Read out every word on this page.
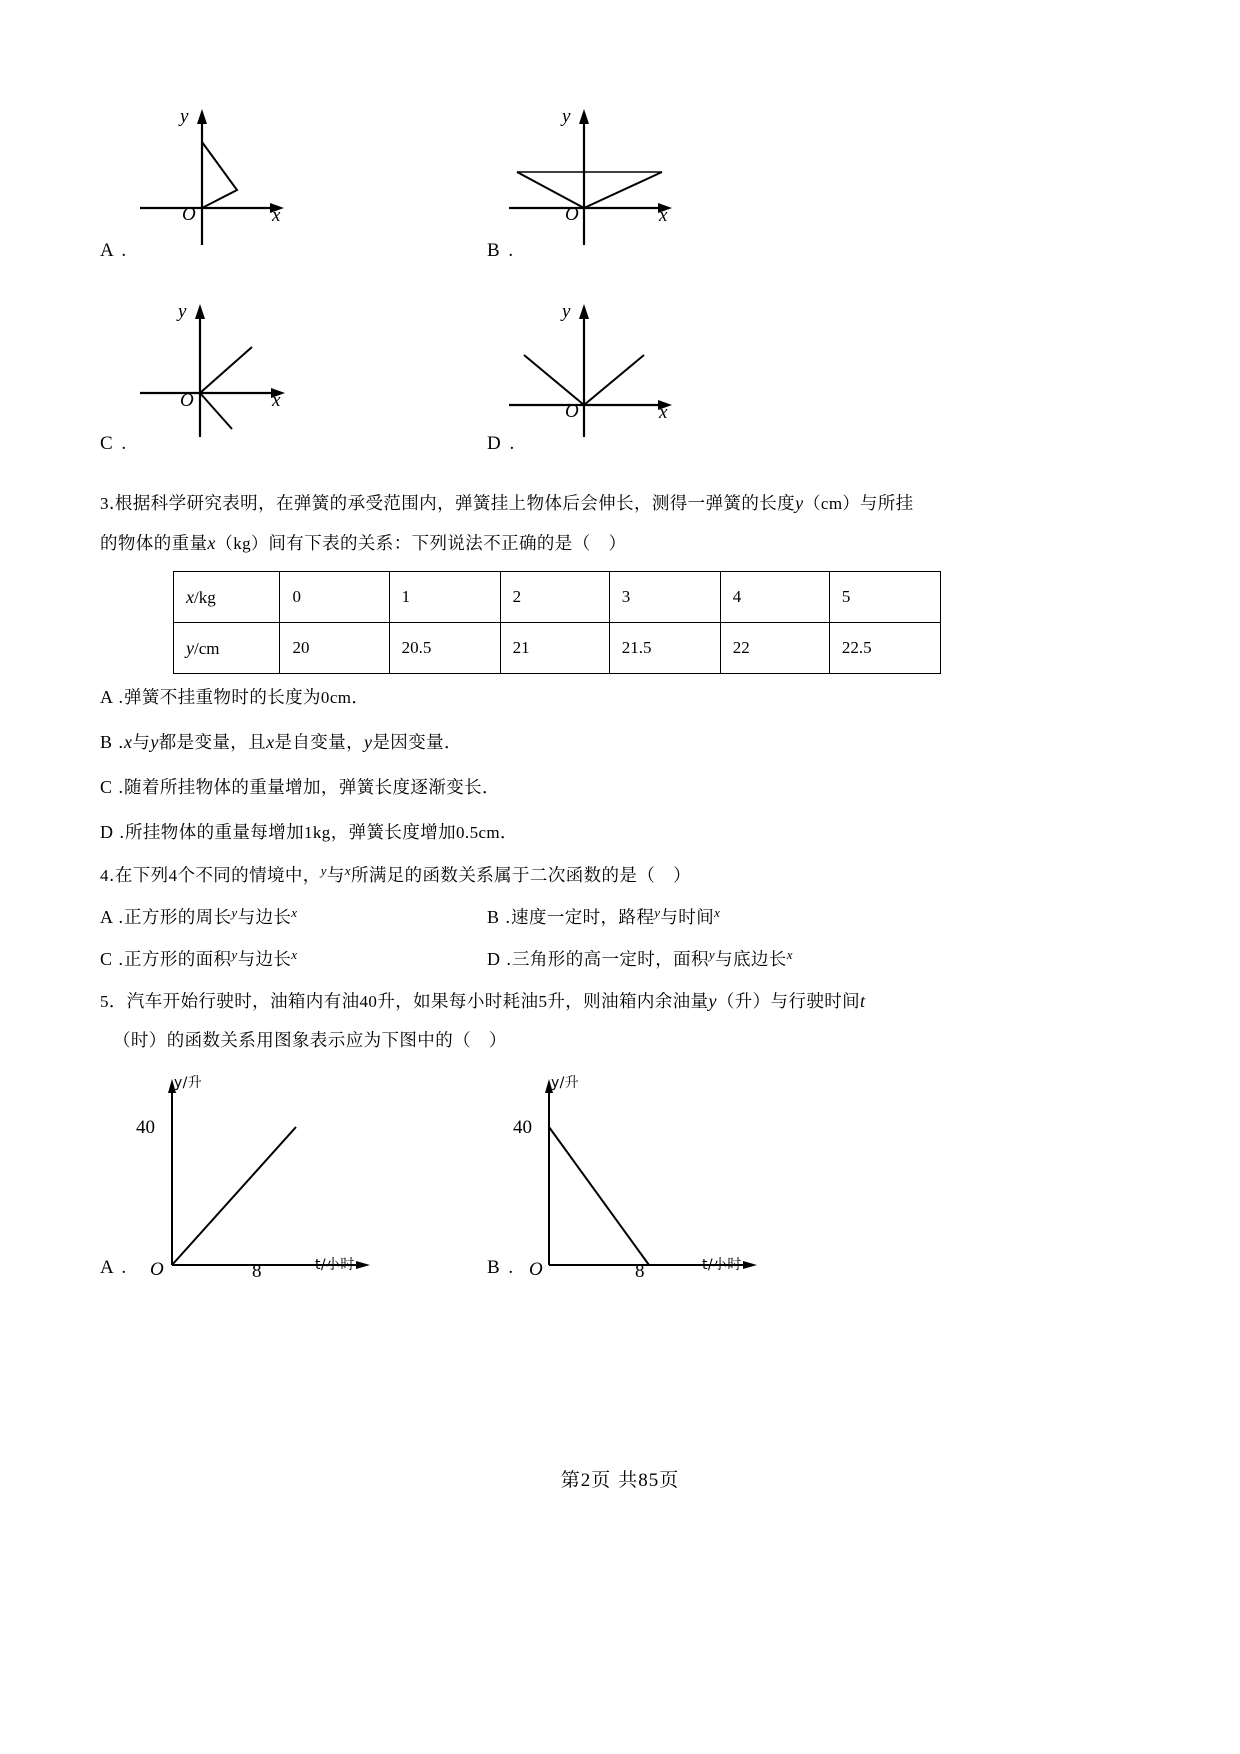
y
x
O
A .
y
x
O
B .
y
x
O
C .
y
x
O
D .
3.根据科学研究表明，在弹簧的承受范围内，弹簧挂上物体后会伸长，测得一弹簧的长度y（cm）与所挂
的物体的重量x（kg）间有下表的关系：下列说法不正确的是（　）
x/kg	0	1	2	3	4	5
y/cm	20	20.5	21	21.5	22	22.5
A .弹簧不挂重物时的长度为0cm．
B .x与y都是变量，且x是自变量，y是因变量．
C .随着所挂物体的重量增加，弹簧长度逐渐变长．
D .所挂物体的重量每增加1kg，弹簧长度增加0.5cm．
4.在下列4个不同的情境中，$^y$与$^x$所满足的函数关系属于二次函数的是（　）
A .正方形的周长$^y$与边长$^x$	B .速度一定时，路程$^y$与时间$^x$
C .正方形的面积$^y$与边长$^x$	D .三角形的高一定时，面积$^y$与底边长$^x$
5．汽车开始行驶时，油箱内有油40升，如果每小时耗油5升，则油箱内余油量y（升）与行驶时间t
（时）的函数关系用图象表示应为下图中的（　）
y/升
t/小时
O
40
8
A .
y/升
t/小时
O
40
8
B .
第2页 共85页
